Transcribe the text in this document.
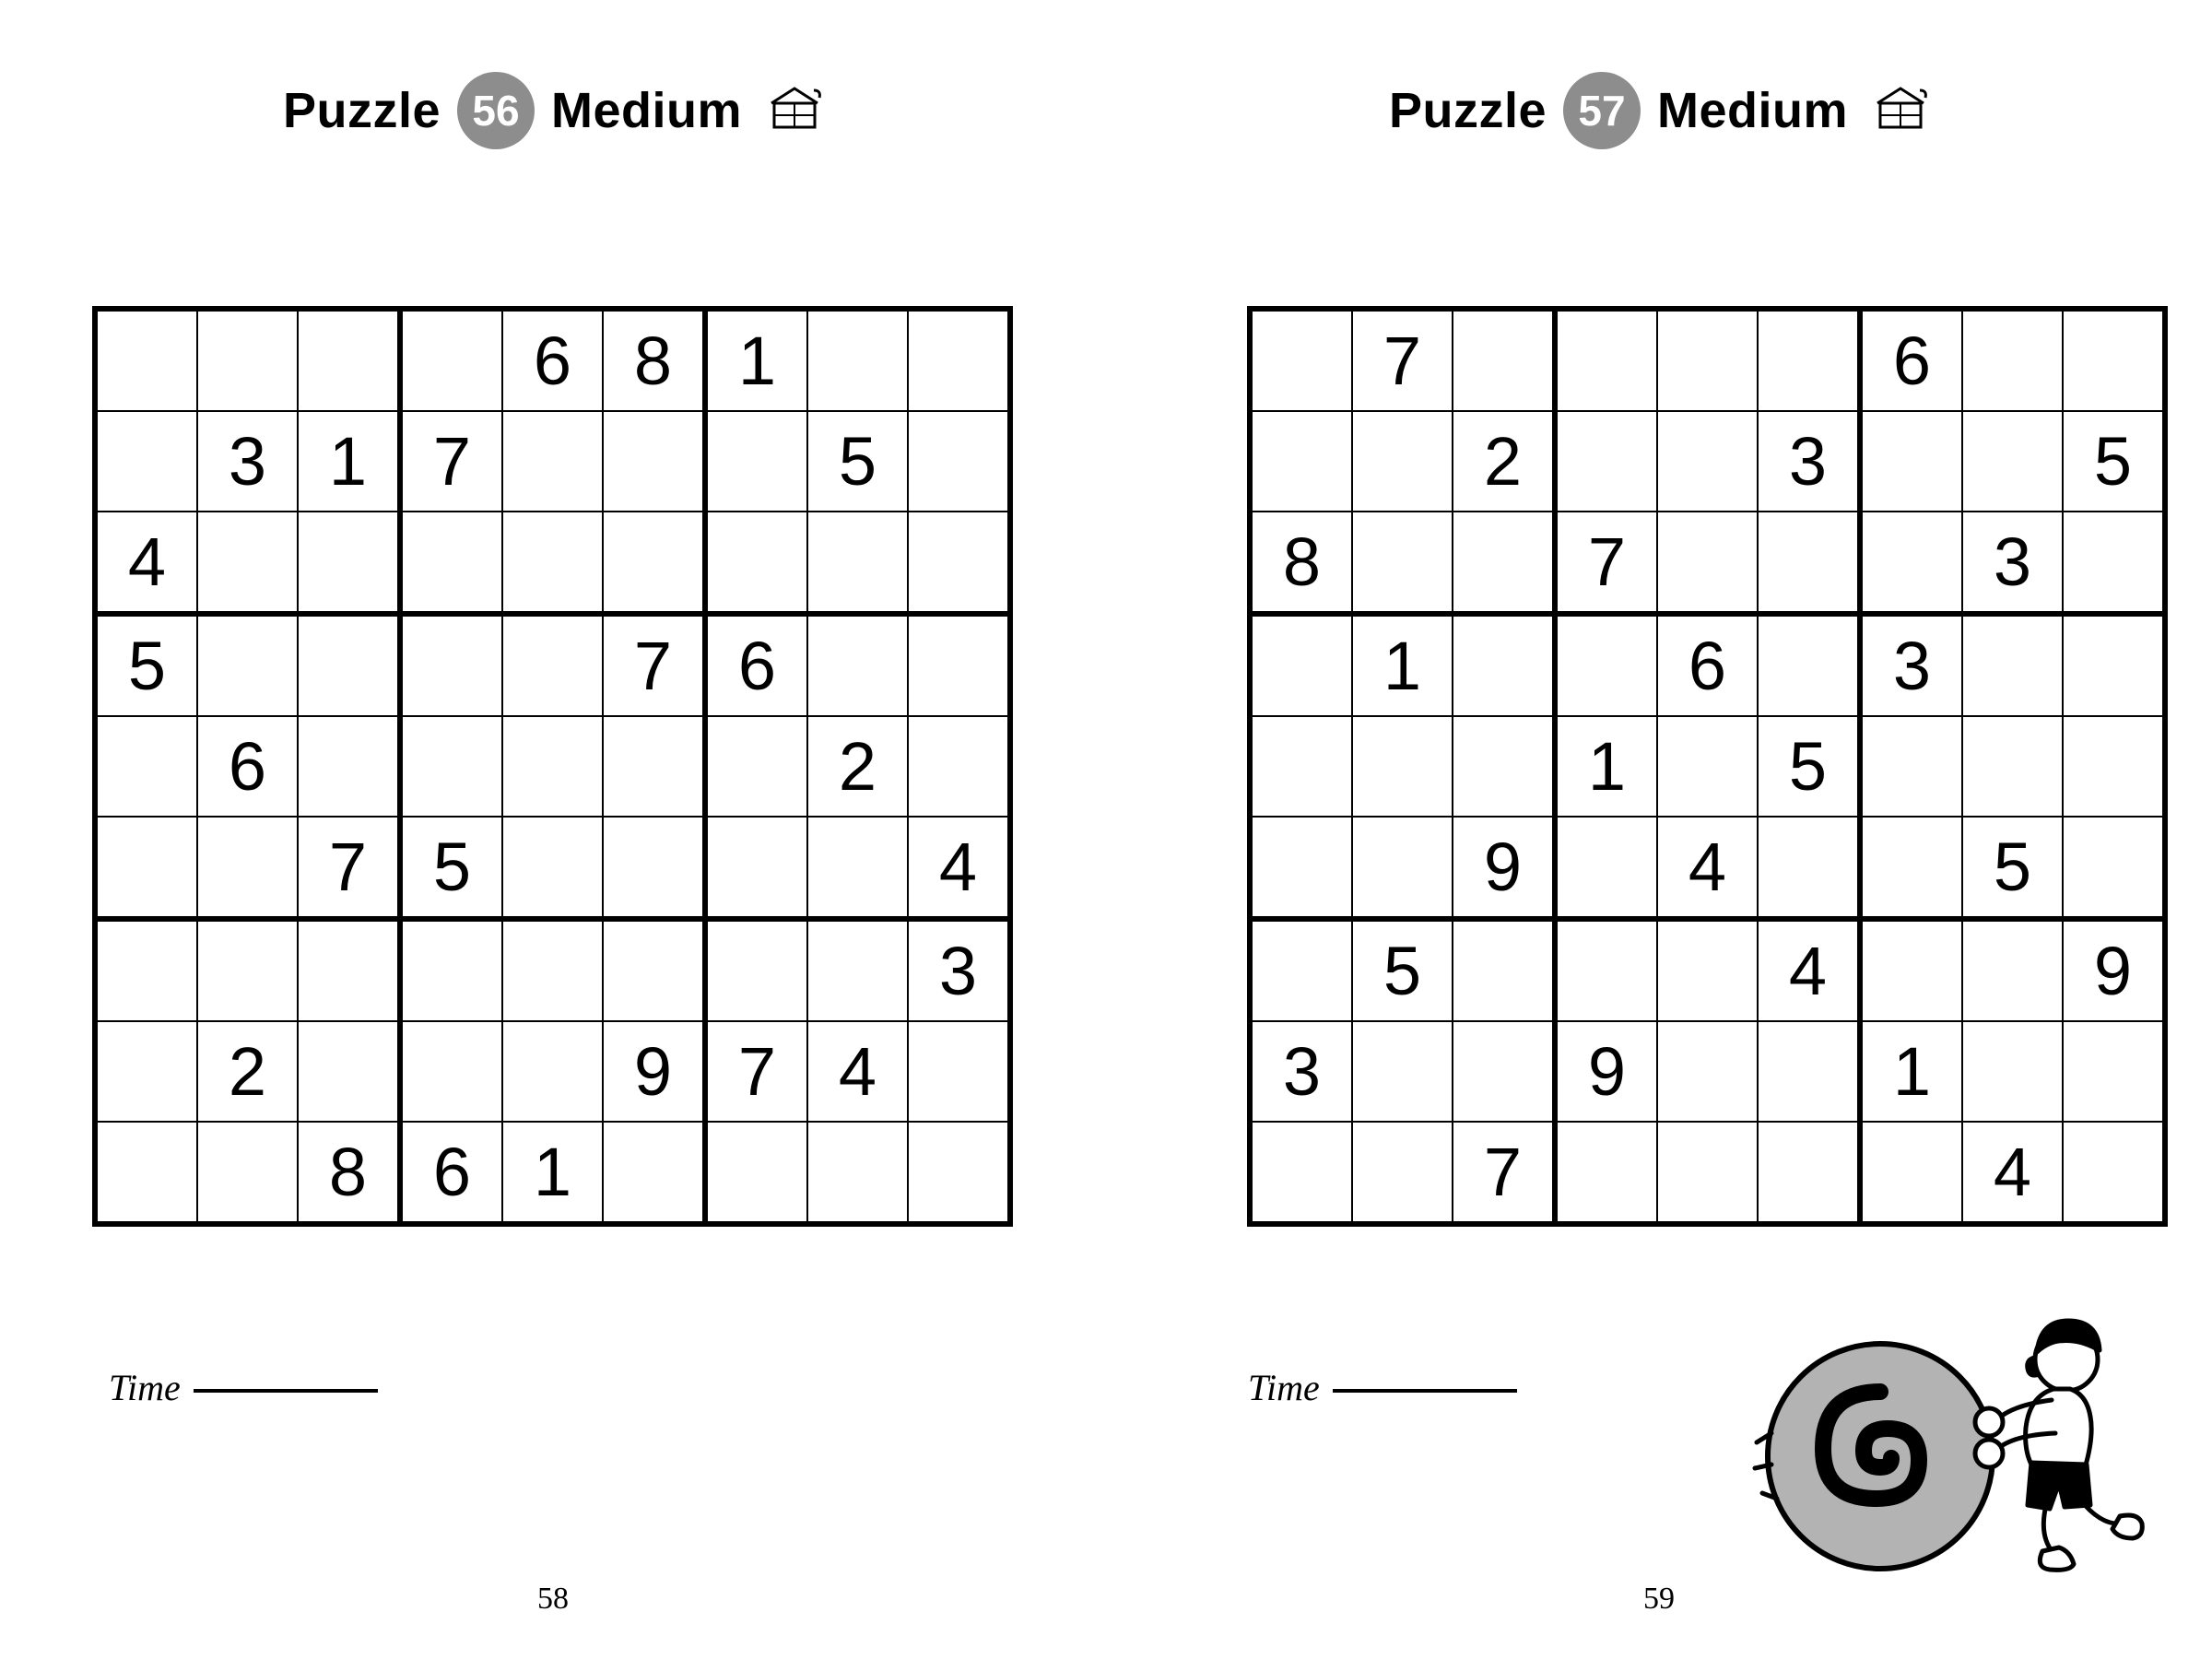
Puzzle 56 Medium
				6	8	1		
	3	1	7				5	
4								
5					7	6		
	6						2	
		7	5					4
								3
	2				9	7	4	
		8	6	1				
Time
58
Puzzle 57 Medium
	7					6		
		2			3			5
8			7				3	
	1			6		3		
			1		5			
		9		4			5	
	5				4			9
3			9			1		
		7					4	
Time
59
